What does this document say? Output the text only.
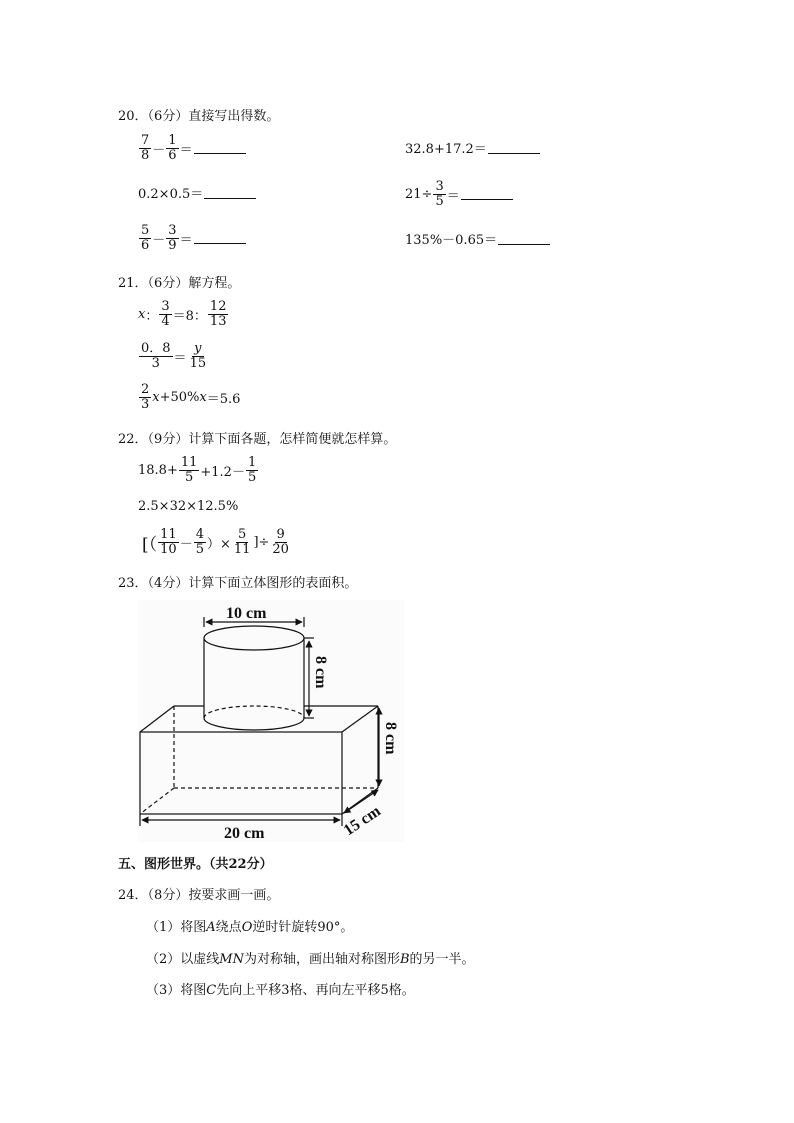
20．（6分）直接写出得数。
$\frac{7}{8} - \frac{1}{6}$ ＝	32.8+17.2＝
0.2×0.5＝	$21\div \frac{3}{5}$ ＝
$\frac{5}{6} - \frac{3}{9}$ ＝	135%－0.65＝
21．（6分）解方程。
x ： $\frac{3}{4} =8$： $\frac{12}{13}$
$\frac{0.8}{3} = \frac{y}{15}$
$\frac{2}{3}$ x +50% x ＝5.6
22．（9分）计算下面各题，怎样简便就怎样算。
$18.8+ \frac{11}{5} +1.2- \frac{1}{5}$
2.5×32×12.5%
[（ $\frac{11}{10} - \frac{4}{5}$ ）× $\frac{5}{11}$ ]÷ $\frac{9}{20}$
23．（4分）计算下面立体图形的表面积。
10 cm
8 cm
8 cm
20 cm	15 cm
五、图形世界。（共22分）
24．（8分）按要求画一画。
（1）将图A绕点O逆时针旋转90°。
（2）以虚线MN为对称轴，画出轴对称图形B的另一半。
（3）将图C先向上平移3格、再向左平移5格。
